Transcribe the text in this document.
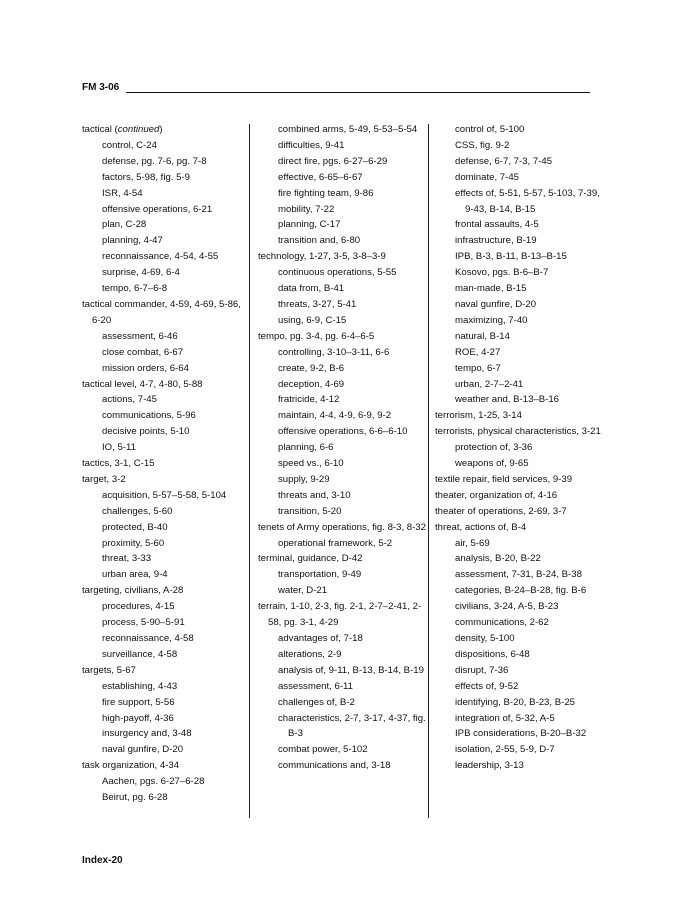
FM 3-06
tactical (continued)
control, C-24
defense, pg. 7-6, pg. 7-8
factors, 5-98, fig. 5-9
ISR, 4-54
offensive operations, 6-21
plan, C-28
planning, 4-47
reconnaissance, 4-54, 4-55
surprise, 4-69, 6-4
tempo, 6-7–6-8
tactical commander, 4-59, 4-69, 5-86, 6-20
assessment, 6-46
close combat, 6-67
mission orders, 6-64
tactical level, 4-7, 4-80, 5-88
actions, 7-45
communications, 5-96
decisive points, 5-10
IO, 5-11
tactics, 3-1, C-15
target, 3-2
acquisition, 5-57–5-58, 5-104
challenges, 5-60
protected, B-40
proximity, 5-60
threat, 3-33
urban area, 9-4
targeting, civilians, A-28
procedures, 4-15
process, 5-90–5-91
reconnaissance, 4-58
surveillance, 4-58
targets, 5-67
establishing, 4-43
fire support, 5-56
high-payoff, 4-36
insurgency and, 3-48
naval gunfire, D-20
task organization, 4-34
Aachen, pgs. 6-27–6-28
Beirut, pg. 6-28
combined arms, 5-49, 5-53–5-54
difficulties, 9-41
direct fire, pgs. 6-27–6-29
effective, 6-65–6-67
fire fighting team, 9-86
mobility, 7-22
planning, C-17
transition and, 6-80
technology, 1-27, 3-5, 3-8–3-9
continuous operations, 5-55
data from, B-41
threats, 3-27, 5-41
using, 6-9, C-15
tempo, pg. 3-4, pg. 6-4–6-5
controlling, 3-10–3-11, 6-6
create, 9-2, B-6
deception, 4-69
fratricide, 4-12
maintain, 4-4, 4-9, 6-9, 9-2
offensive operations, 6-6–6-10
planning, 6-6
speed vs., 6-10
supply, 9-29
threats and, 3-10
transition, 5-20
tenets of Army operations, fig. 8-3, 8-32
operational framework, 5-2
terminal, guidance, D-42
transportation, 9-49
water, D-21
terrain, 1-10, 2-3, fig. 2-1, 2-7–2-41, 2-58, pg. 3-1, 4-29
advantages of, 7-18
alterations, 2-9
analysis of, 9-11, B-13, B-14, B-19
assessment, 6-11
challenges of, B-2
characteristics, 2-7, 3-17, 4-37, fig. B-3
combat power, 5-102
communications and, 3-18
control of, 5-100
CSS, fig. 9-2
defense, 6-7, 7-3, 7-45
dominate, 7-45
effects of, 5-51, 5-57, 5-103, 7-39, 9-43, B-14, B-15
frontal assaults, 4-5
infrastructure, B-19
IPB, B-3, B-11, B-13–B-15
Kosovo, pgs. B-6–B-7
man-made, B-15
naval gunfire, D-20
maximizing, 7-40
natural, B-14
ROE, 4-27
tempo, 6-7
urban, 2-7–2-41
weather and, B-13–B-16
terrorism, 1-25, 3-14
terrorists, physical characteristics, 3-21
protection of, 3-36
weapons of, 9-65
textile repair, field services, 9-39
theater, organization of, 4-16
theater of operations, 2-69, 3-7
threat, actions of, B-4
air, 5-69
analysis, B-20, B-22
assessment, 7-31, B-24, B-38
categories, B-24–B-28, fig. B-6
civilians, 3-24, A-5, B-23
communications, 2-62
density, 5-100
dispositions, 6-48
disrupt, 7-36
effects of, 9-52
identifying, B-20, B-23, B-25
integration of, 5-32, A-5
IPB considerations, B-20–B-32
isolation, 2-55, 5-9, D-7
leadership, 3-13
Index-20
